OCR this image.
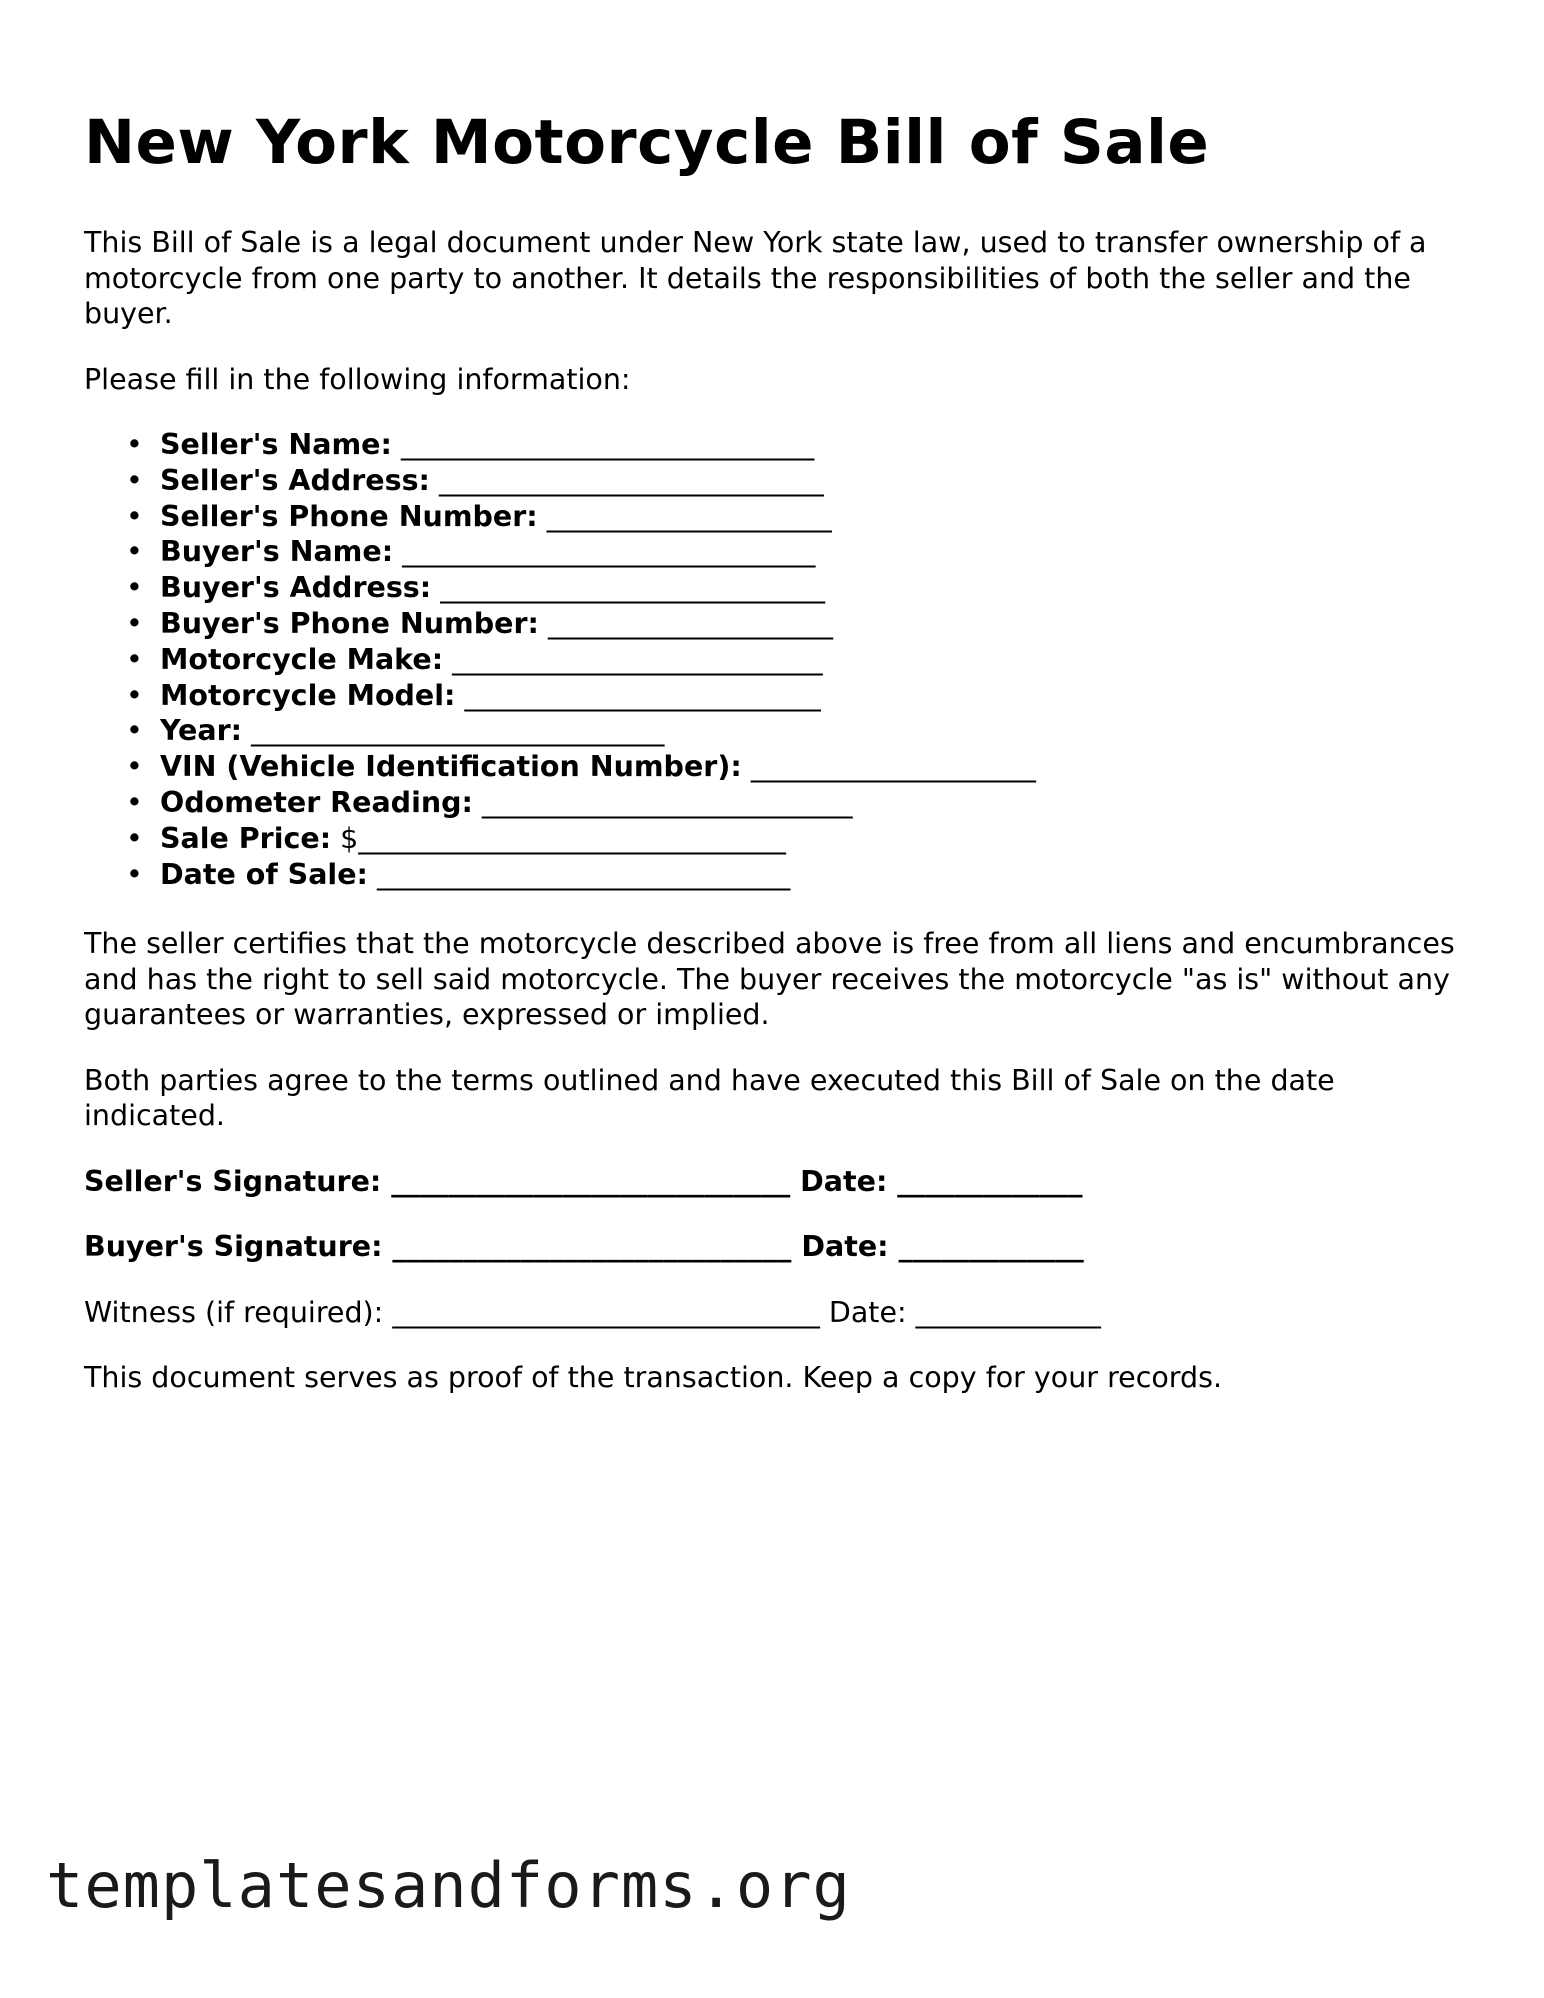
New York Motorcycle Bill of Sale

This Bill of Sale is a legal document under New York state law, used to transfer ownership of a motorcycle from one party to another. It details the responsibilities of both the seller and the buyer.

Please fill in the following information:

• Seller's Name: _____________________________
• Seller's Address: ___________________________
• Seller's Phone Number: ____________________
• Buyer's Name: _____________________________
• Buyer's Address: ___________________________
• Buyer's Phone Number: ____________________
• Motorcycle Make: __________________________
• Motorcycle Model: _________________________
• Year: _____________________________
• VIN (Vehicle Identification Number): ____________________
• Odometer Reading: __________________________
• Sale Price: $______________________________
• Date of Sale: _____________________________

The seller certifies that the motorcycle described above is free from all liens and encumbrances and has the right to sell said motorcycle. The buyer receives the motorcycle "as is" without any guarantees or warranties, expressed or implied.

Both parties agree to the terms outlined and have executed this Bill of Sale on the date indicated.

Seller's Signature: ____________________________ Date: _____________
Buyer's Signature: ____________________________ Date: _____________
Witness (if required): ______________________________ Date: _____________

This document serves as proof of the transaction. Keep a copy for your records.

templatesandforms.org
